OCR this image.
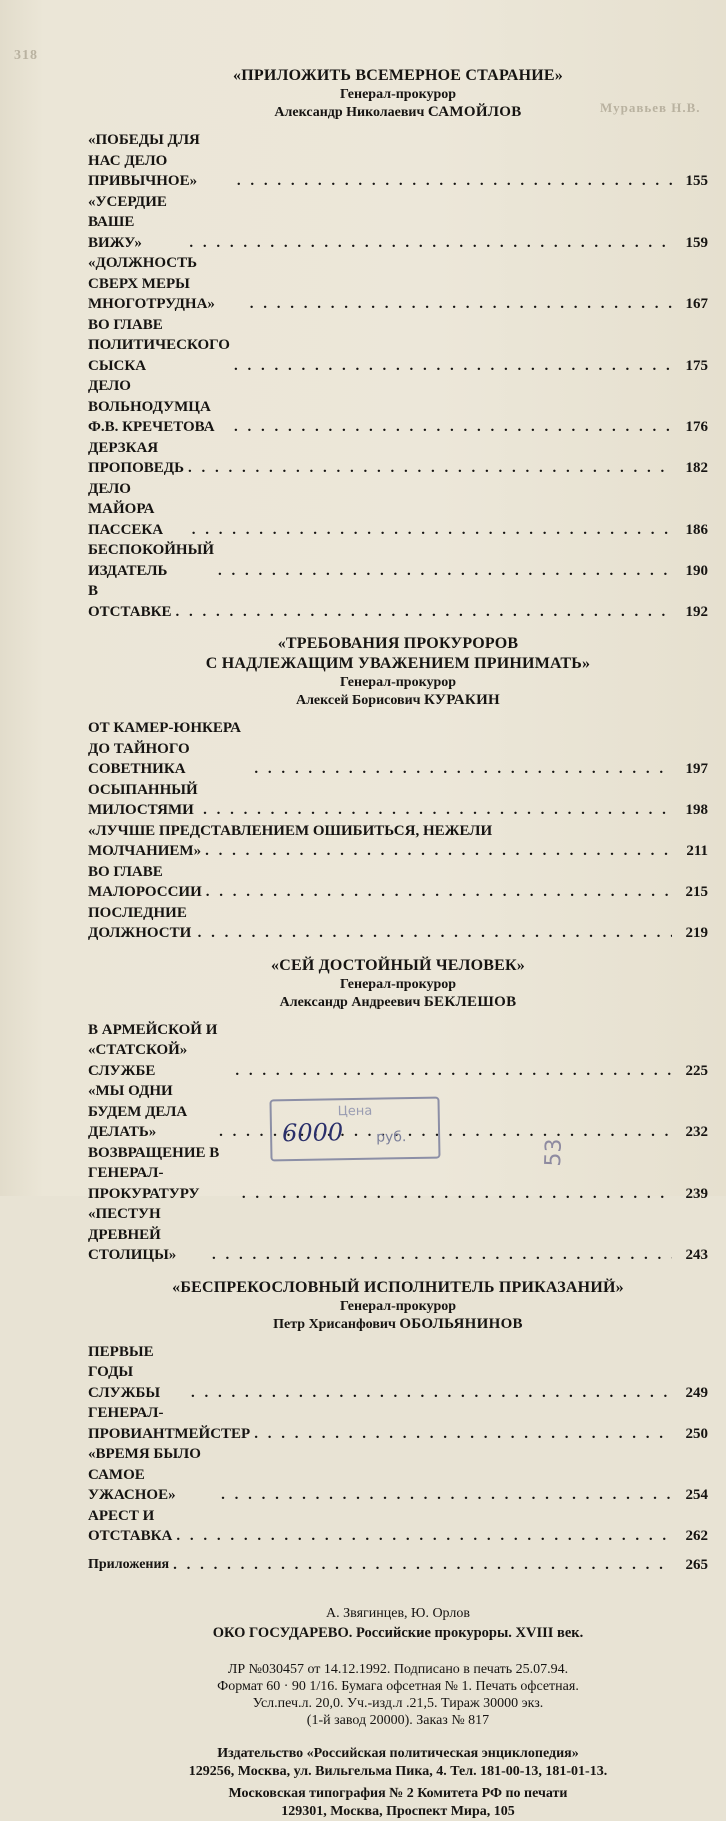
318
Муравьев Н.В.
«ПРИЛОЖИТЬ ВСЕМЕРНОЕ СТАРАНИЕ»
Генерал-прокурор
Александр Николаевич САМОЙЛОВ
«ПОБЕДЫ ДЛЯ НАС ДЕЛО ПРИВЫЧНОЕ» . . .	155
«УСЕРДИЕ ВАШЕ ВИЖУ» . . .	159
«ДОЛЖНОСТЬ СВЕРХ МЕРЫ МНОГОТРУДНА» . . .	167
ВО ГЛАВЕ ПОЛИТИЧЕСКОГО СЫСКА . . .	175
ДЕЛО ВОЛЬНОДУМЦА Ф.В. КРЕЧЕТОВА . . .	176
ДЕРЗКАЯ ПРОПОВЕДЬ . . .	182
ДЕЛО МАЙОРА ПАССЕКА . . .	186
БЕСПОКОЙНЫЙ ИЗДАТЕЛЬ . . .	190
В ОТСТАВКЕ . . .	192
«ТРЕБОВАНИЯ ПРОКУРОРОВ
С НАДЛЕЖАЩИМ УВАЖЕНИЕМ ПРИНИМАТЬ»
Генерал-прокурор
Алексей Борисович КУРАКИН
ОТ КАМЕР-ЮНКЕРА ДО ТАЙНОГО СОВЕТНИКА . . .	197
ОСЫПАННЫЙ МИЛОСТЯМИ . . .	198
«ЛУЧШЕ ПРЕДСТАВЛЕНИЕМ ОШИБИТЬСЯ, НЕЖЕЛИ
МОЛЧАНИЕМ» . . .	211
ВО ГЛАВЕ МАЛОРОССИИ . . .	215
ПОСЛЕДНИЕ ДОЛЖНОСТИ . . .	219
«СЕЙ ДОСТОЙНЫЙ ЧЕЛОВЕК»
Генерал-прокурор
Александр Андреевич БЕКЛЕШОВ
В АРМЕЙСКОЙ И «СТАТСКОЙ» СЛУЖБЕ . . .	225
«МЫ ОДНИ БУДЕМ ДЕЛА ДЕЛАТЬ» . . .	232
ВОЗВРАЩЕНИЕ В ГЕНЕРАЛ-ПРОКУРАТУРУ . . .	239
«ПЕСТУН ДРЕВНЕЙ СТОЛИЦЫ» . . .	243
«БЕСПРЕКОСЛОВНЫЙ ИСПОЛНИТЕЛЬ ПРИКАЗАНИЙ»
Генерал-прокурор
Петр Хрисанфович ОБОЛЬЯНИНОВ
ПЕРВЫЕ ГОДЫ СЛУЖБЫ . . .	249
ГЕНЕРАЛ-ПРОВИАНТМЕЙСТЕР . . .	250
«ВРЕМЯ БЫЛО САМОЕ УЖАСНОЕ» . . .	254
АРЕСТ И ОТСТАВКА . . .	262
Приложения . . .	265
А. Звягинцев, Ю. Орлов
ОКО ГОСУДАРЕВО. Российские прокуроры. XVIII век.
ЛР №030457 от 14.12.1992. Подписано в печать 25.07.94.
Формат 60 · 90 1/16. Бумага офсетная № 1. Печать офсетная.
Усл.печ.л. 20,0. Уч.-изд.л .21,5. Тираж 30000 экз.
(1-й завод 20000). Заказ № 817
Издательство «Российская политическая энциклопедия»
129256, Москва, ул. Вильгельма Пика, 4. Тел. 181-00-13, 181-01-13.
Московская типография № 2 Комитета РФ по печати
129301, Москва, Проспект Мира, 105
Цена
6000 руб.
53
